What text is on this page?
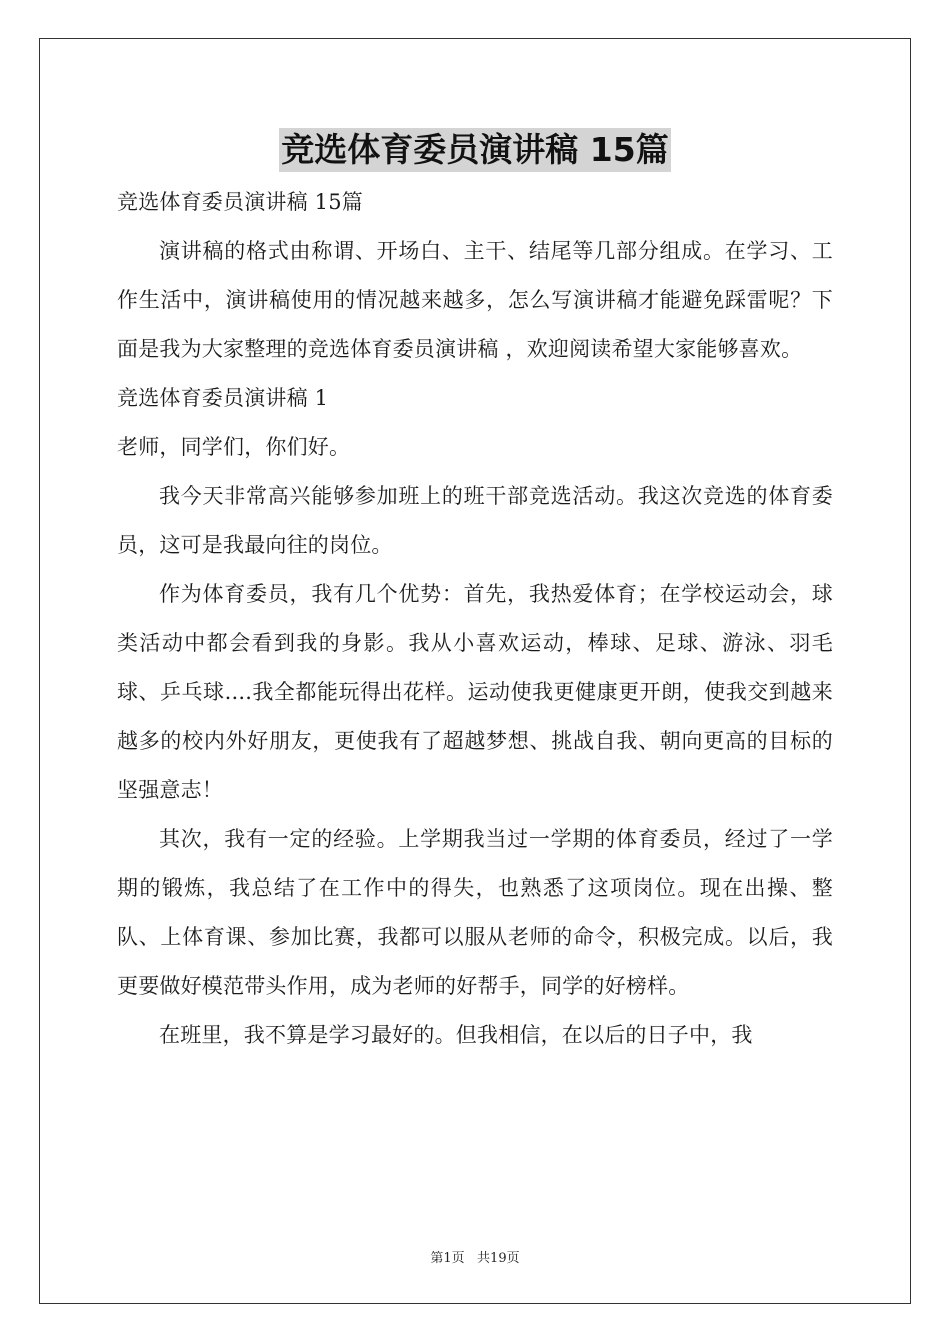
竞选体育委员演讲稿 15篇

竞选体育委员演讲稿 15篇

演讲稿的格式由称谓、开场白、主干、结尾等几部分组成。在学习、工作生活中，演讲稿使用的情况越来越多，怎么写演讲稿才能避免踩雷呢？下面是我为大家整理的竞选体育委员演讲稿 ，欢迎阅读希望大家能够喜欢。

竞选体育委员演讲稿 1

老师，同学们，你们好。

我今天非常高兴能够参加班上的班干部竞选活动。我这次竞选的体育委员，这可是我最向往的岗位。

作为体育委员，我有几个优势：首先，我热爱体育；在学校运动会，球类活动中都会看到我的身影。我从小喜欢运动，棒球、足球、游泳、羽毛球、乒乓球....我全都能玩得出花样。运动使我更健康更开朗，使我交到越来越多的校内外好朋友，更使我有了超越梦想、挑战自我、朝向更高的目标的坚强意志！

其次，我有一定的经验。上学期我当过一学期的体育委员，经过了一学期的锻炼，我总结了在工作中的得失，也熟悉了这项岗位。现在出操、整队、上体育课、参加比赛，我都可以服从老师的命令，积极完成。以后，我更要做好模范带头作用，成为老师的好帮手，同学的好榜样。

在班里，我不算是学习最好的。但我相信，在以后的日子中，我

第1页   共19页
